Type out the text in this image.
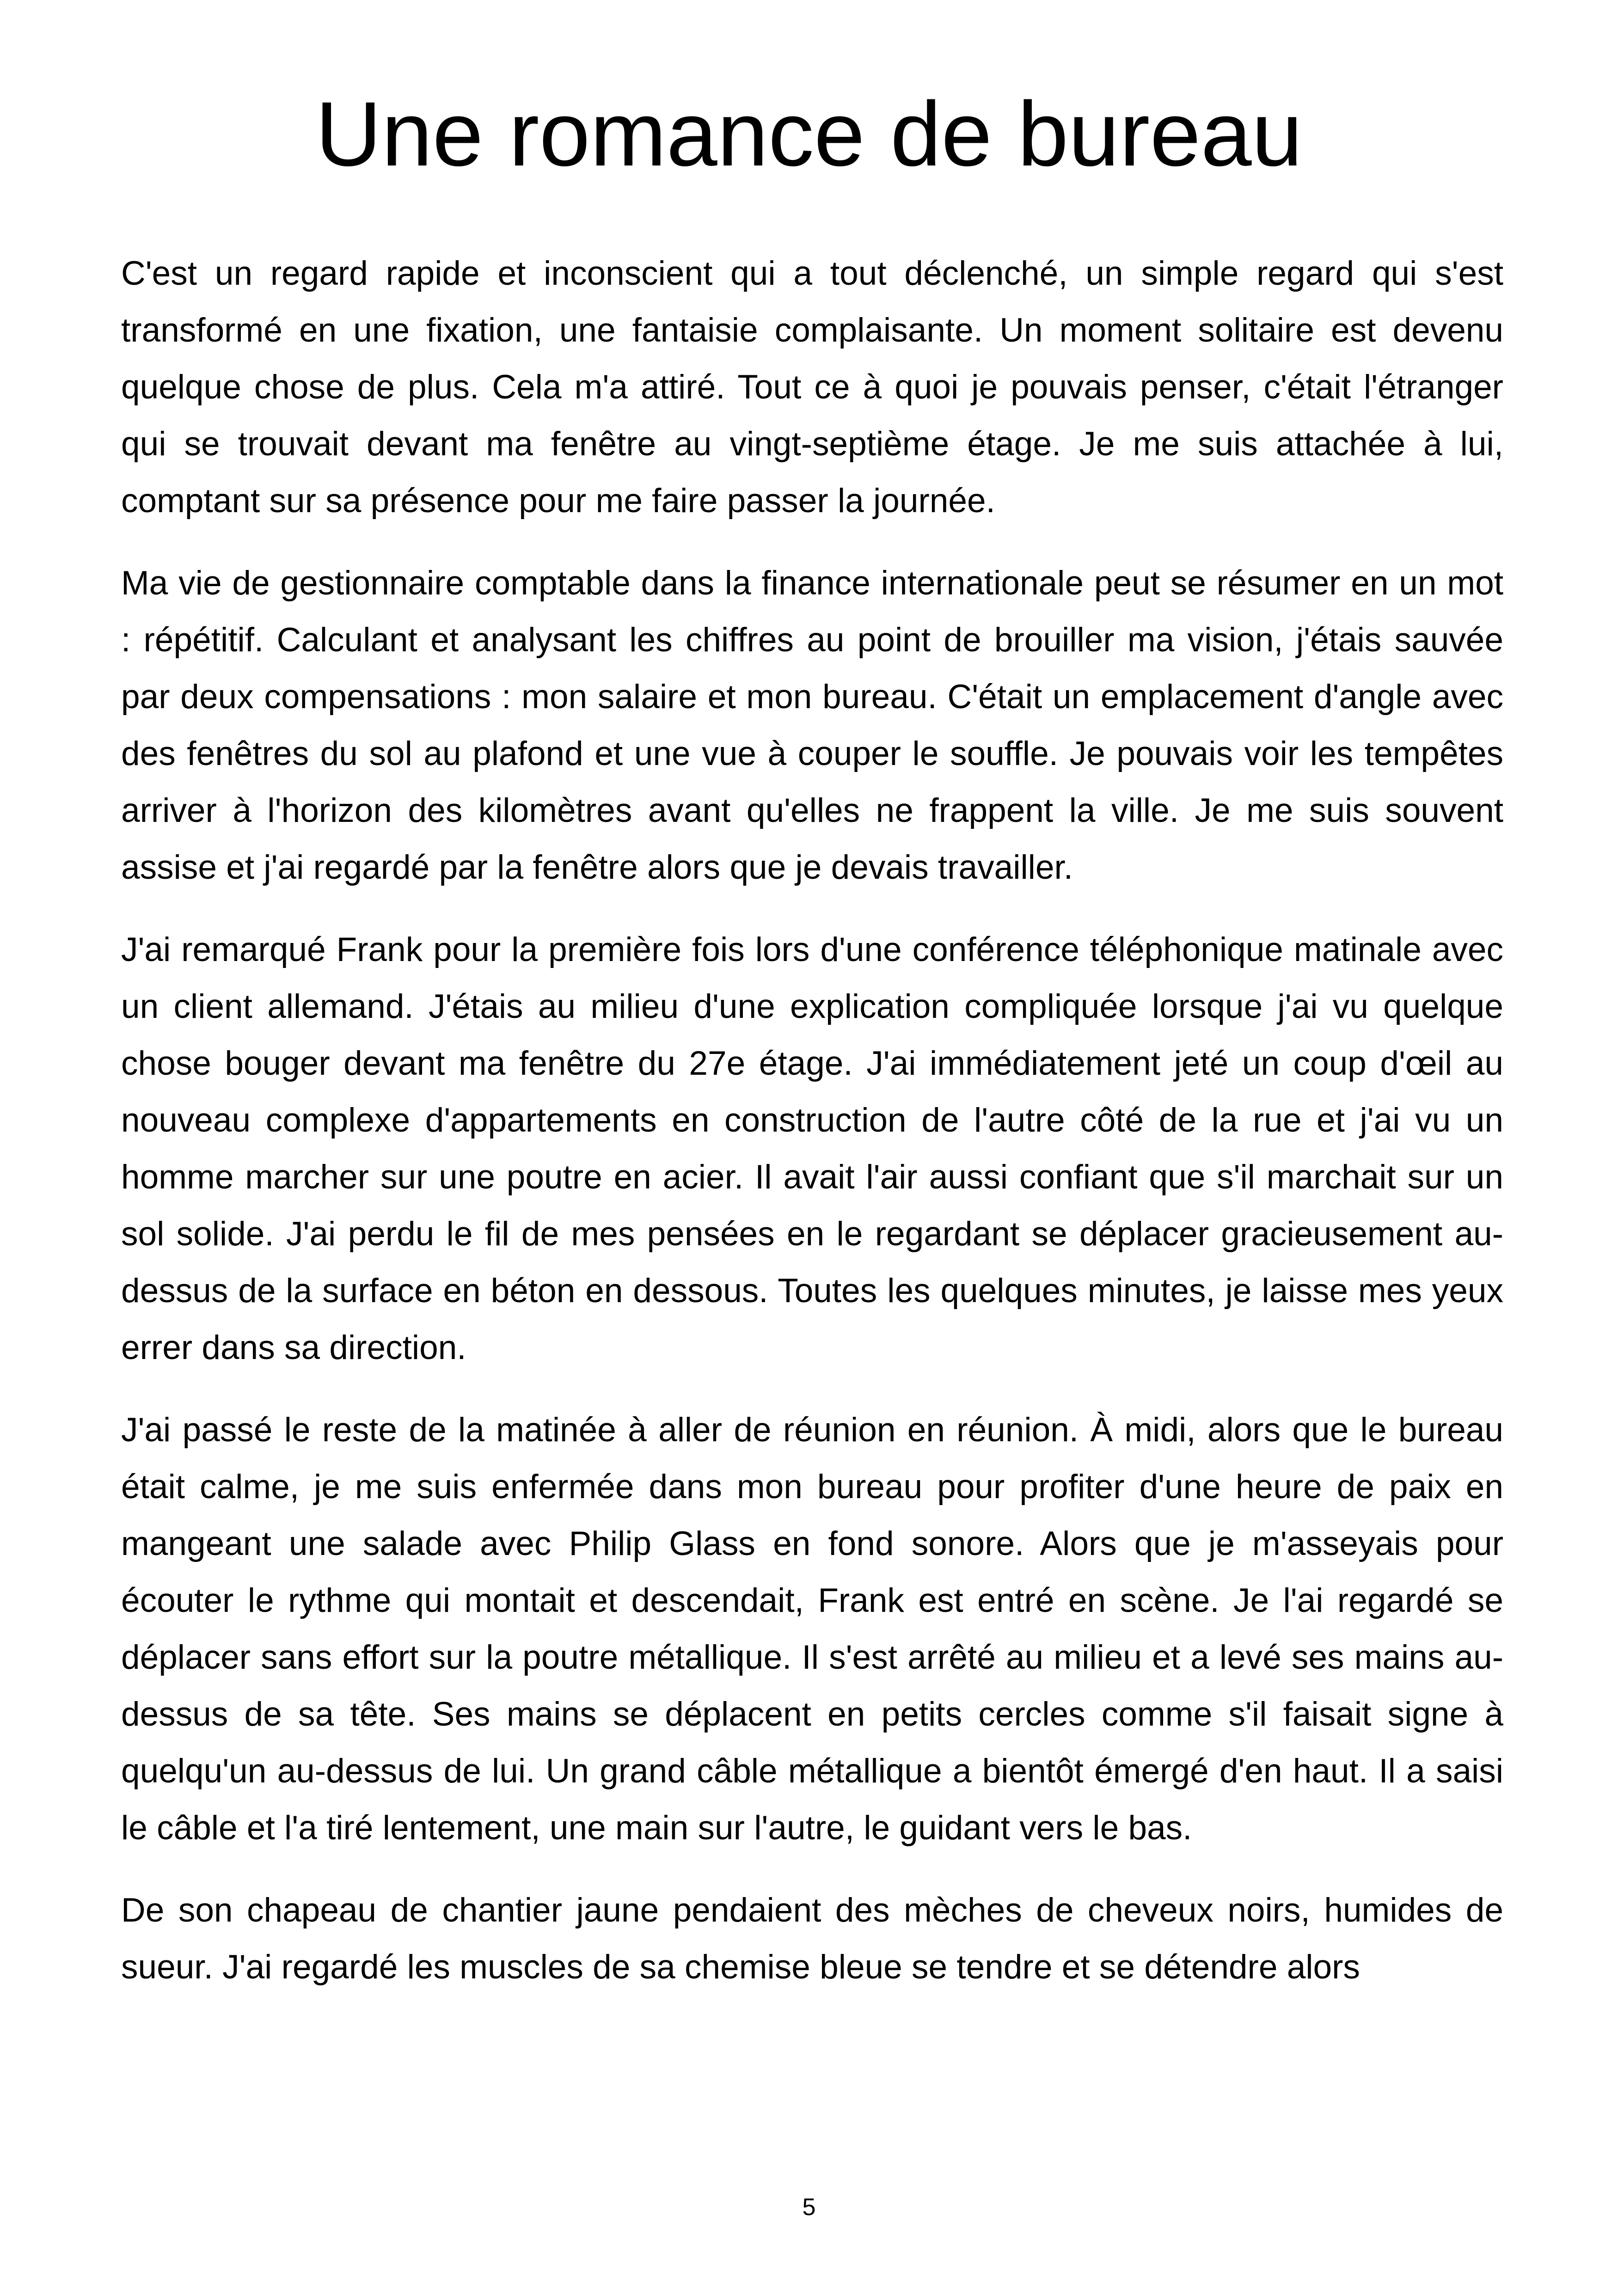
Une romance de bureau

C'est un regard rapide et inconscient qui a tout déclenché, un simple regard qui s'est transformé en une fixation, une fantaisie complaisante. Un moment solitaire est devenu quelque chose de plus. Cela m'a attiré. Tout ce à quoi je pouvais penser, c'était l'étranger qui se trouvait devant ma fenêtre au vingt-septième étage. Je me suis attachée à lui, comptant sur sa présence pour me faire passer la journée.

Ma vie de gestionnaire comptable dans la finance internationale peut se résumer en un mot : répétitif. Calculant et analysant les chiffres au point de brouiller ma vision, j'étais sauvée par deux compensations : mon salaire et mon bureau. C'était un emplacement d'angle avec des fenêtres du sol au plafond et une vue à couper le souffle. Je pouvais voir les tempêtes arriver à l'horizon des kilomètres avant qu'elles ne frappent la ville. Je me suis souvent assise et j'ai regardé par la fenêtre alors que je devais travailler.

J'ai remarqué Frank pour la première fois lors d'une conférence téléphonique matinale avec un client allemand. J'étais au milieu d'une explication compliquée lorsque j'ai vu quelque chose bouger devant ma fenêtre du 27e étage. J'ai immédiatement jeté un coup d'œil au nouveau complexe d'appartements en construction de l'autre côté de la rue et j'ai vu un homme marcher sur une poutre en acier. Il avait l'air aussi confiant que s'il marchait sur un sol solide. J'ai perdu le fil de mes pensées en le regardant se déplacer gracieusement au-dessus de la surface en béton en dessous. Toutes les quelques minutes, je laisse mes yeux errer dans sa direction.

J'ai passé le reste de la matinée à aller de réunion en réunion. À midi, alors que le bureau était calme, je me suis enfermée dans mon bureau pour profiter d'une heure de paix en mangeant une salade avec Philip Glass en fond sonore. Alors que je m'asseyais pour écouter le rythme qui montait et descendait, Frank est entré en scène. Je l'ai regardé se déplacer sans effort sur la poutre métallique. Il s'est arrêté au milieu et a levé ses mains au-dessus de sa tête. Ses mains se déplacent en petits cercles comme s'il faisait signe à quelqu'un au-dessus de lui. Un grand câble métallique a bientôt émergé d'en haut. Il a saisi le câble et l'a tiré lentement, une main sur l'autre, le guidant vers le bas.

De son chapeau de chantier jaune pendaient des mèches de cheveux noirs, humides de sueur. J'ai regardé les muscles de sa chemise bleue se tendre et se détendre alors

5
